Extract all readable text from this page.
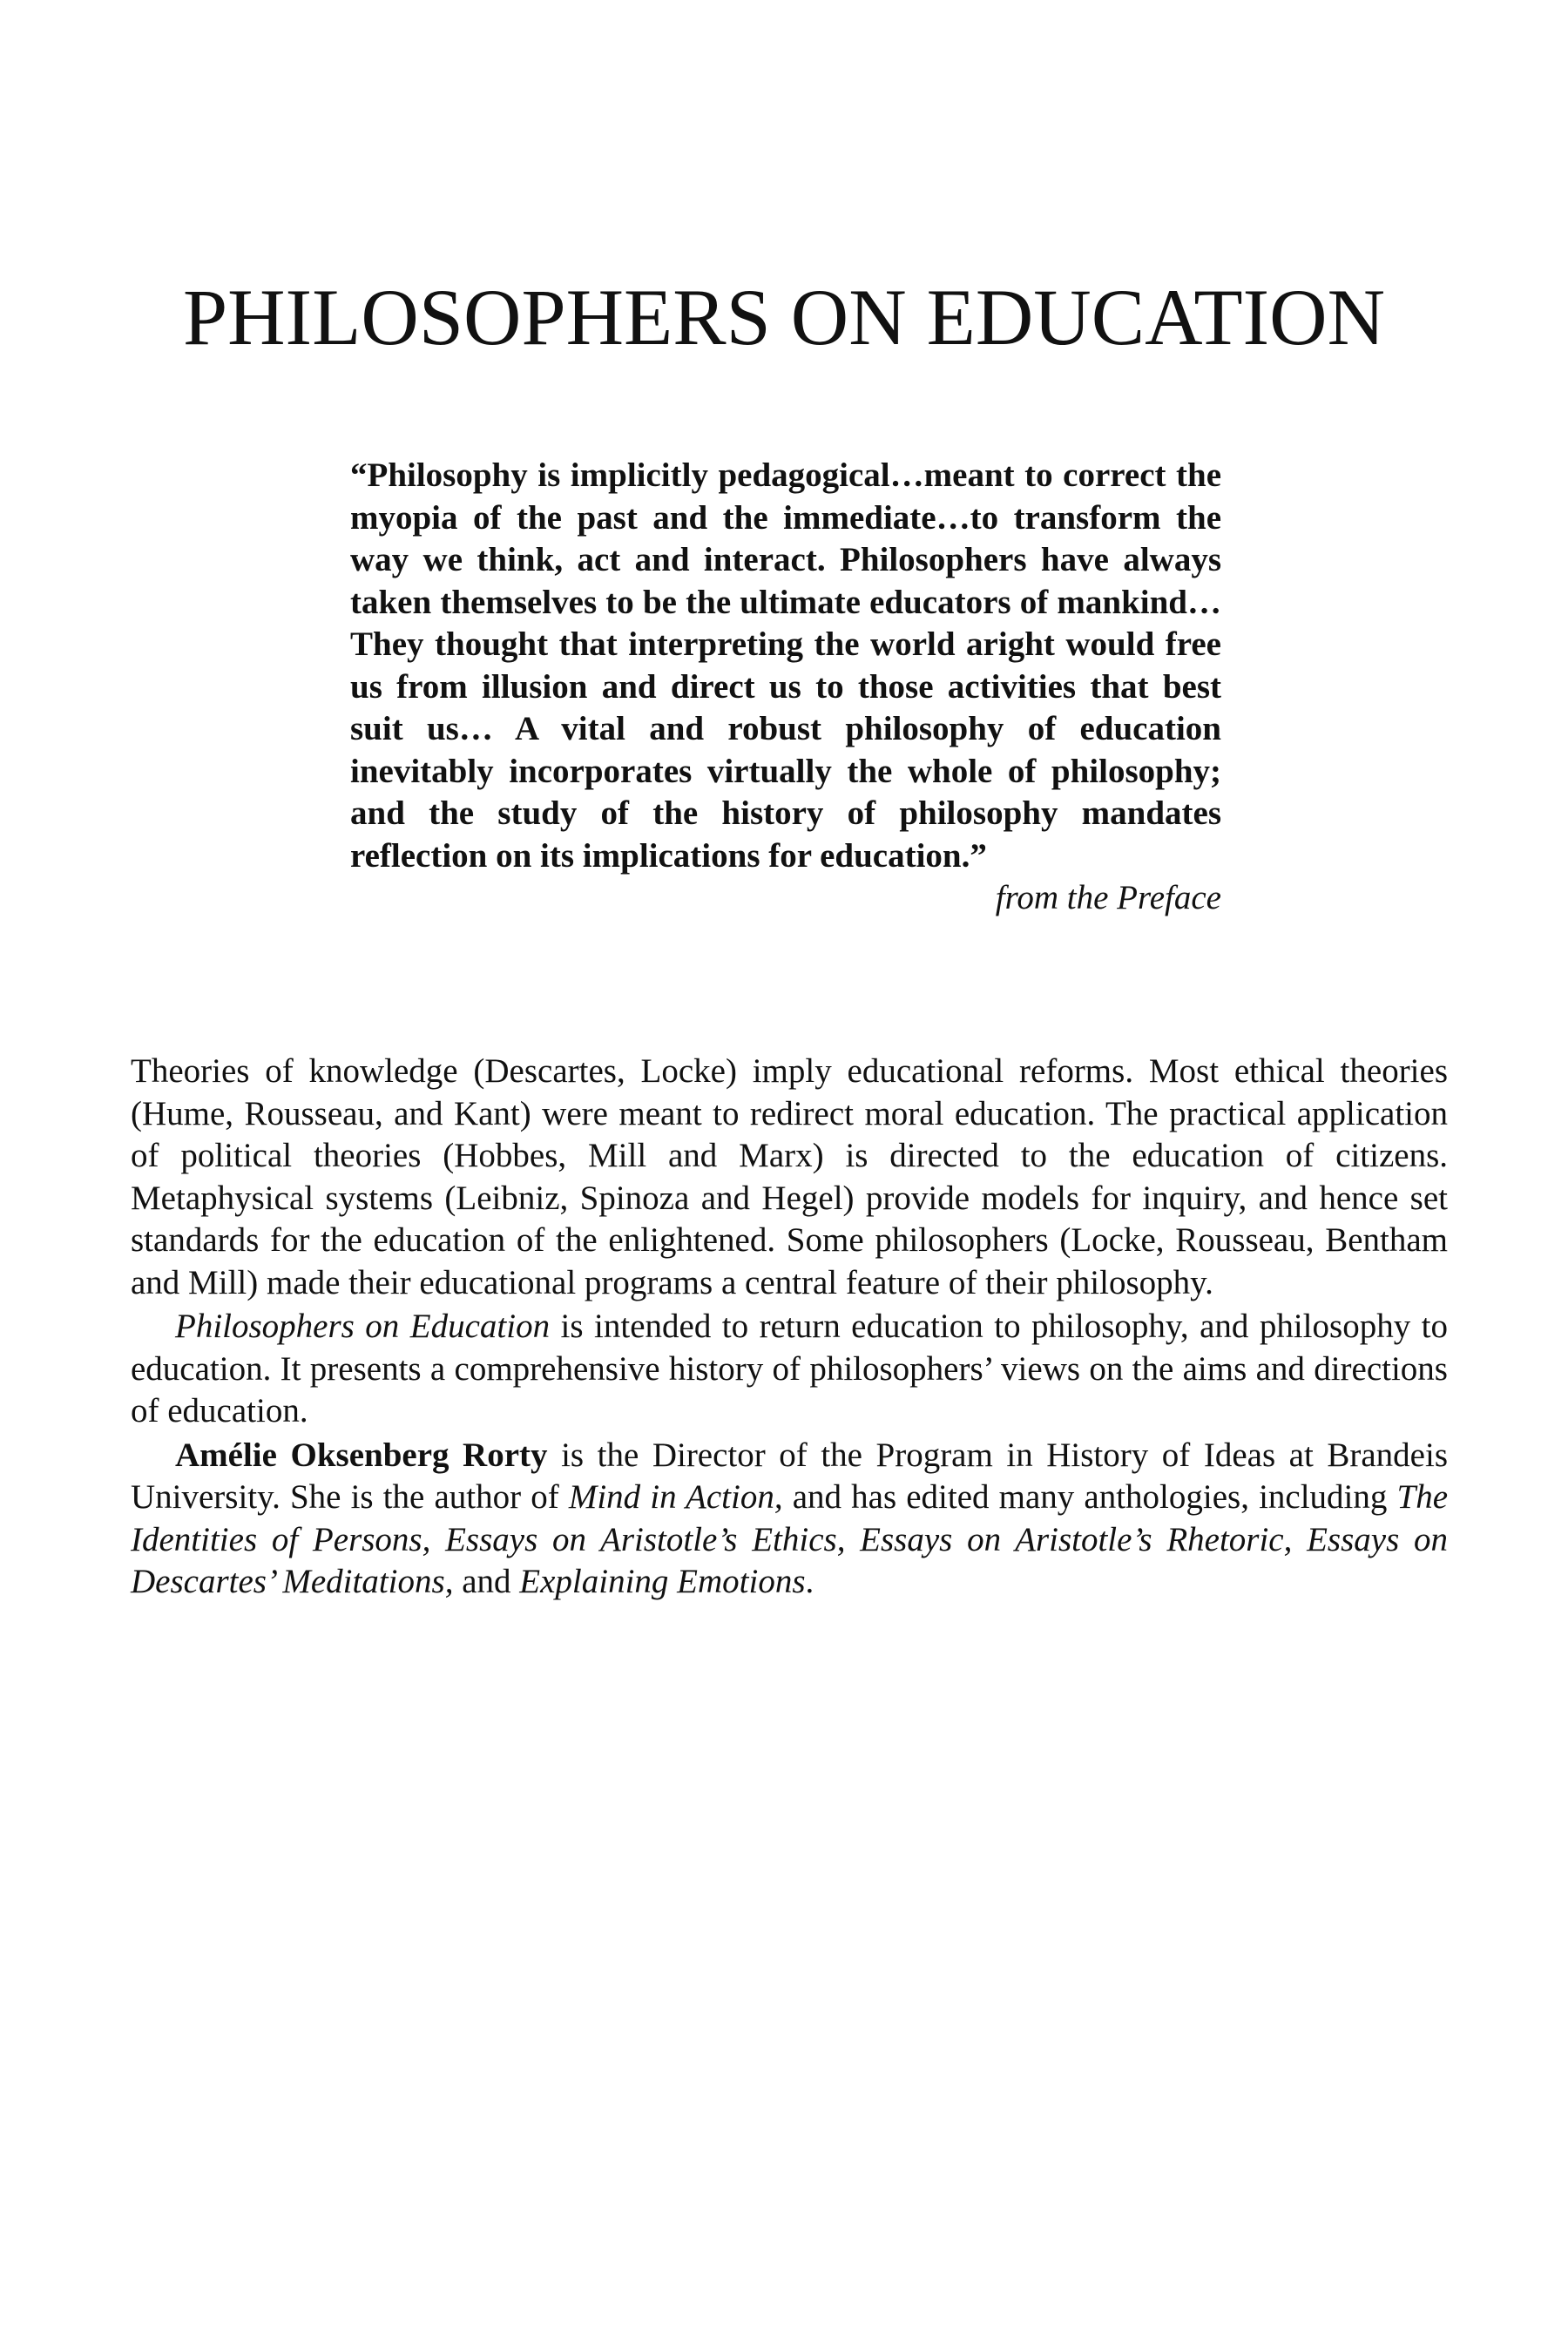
PHILOSOPHERS ON EDUCATION

“Philosophy is implicitly pedagogical…meant to correct the myopia of the past and the immediate…to transform the way we think, act and interact. Philosophers have always taken themselves to be the ultimate educators of mankind… They thought that interpreting the world aright would free us from illusion and direct us to those activities that best suit us… A vital and robust philosophy of education inevitably incorporates virtually the whole of philosophy; and the study of the history of philosophy mandates reflection on its implications for education.”

from the Preface

Theories of knowledge (Descartes, Locke) imply educational reforms. Most ethical theories (Hume, Rousseau, and Kant) were meant to redirect moral education. The practical application of political theories (Hobbes, Mill and Marx) is directed to the education of citizens. Metaphysical systems (Leibniz, Spinoza and Hegel) provide models for inquiry, and hence set standards for the education of the enlightened. Some philosophers (Locke, Rousseau, Bentham and Mill) made their educational programs a central feature of their philosophy.

Philosophers on Education is intended to return education to philosophy, and philosophy to education. It presents a comprehensive history of philosophers’ views on the aims and directions of education.

Amélie Oksenberg Rorty is the Director of the Program in History of Ideas at Brandeis University. She is the author of Mind in Action, and has edited many anthologies, including The Identities of Persons, Essays on Aristotle’s Ethics, Essays on Aristotle’s Rhetoric, Essays on Descartes’ Meditations, and Explaining Emotions.
